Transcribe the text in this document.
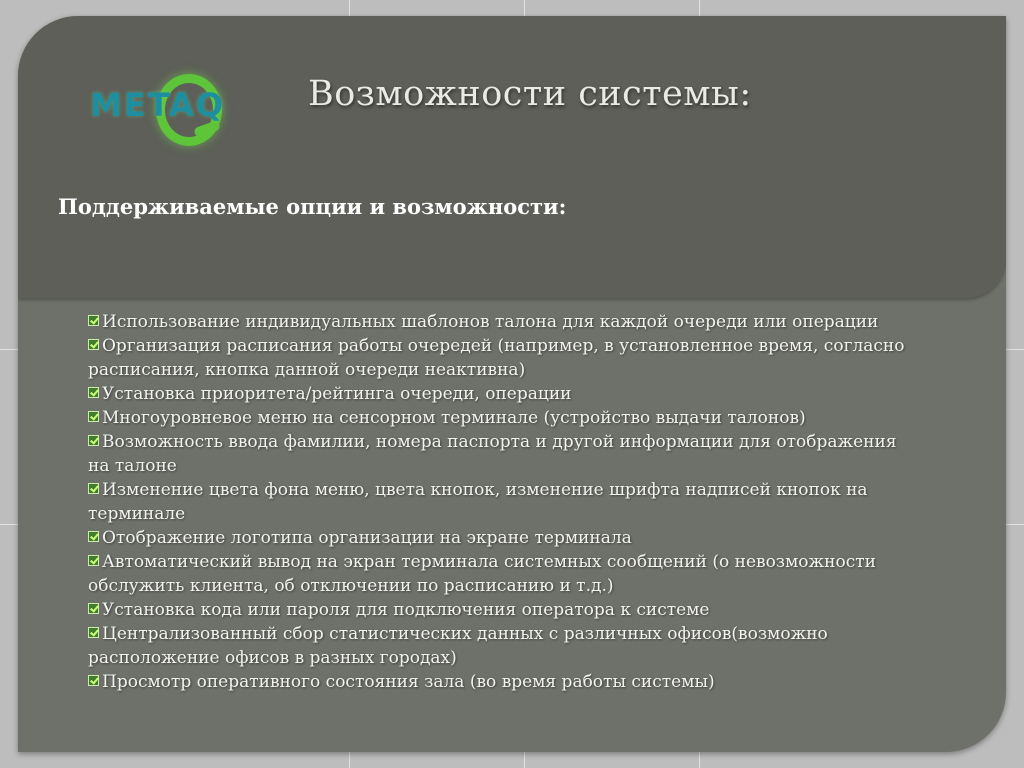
METAQ Возможности системы:
Поддерживаемые опции и возможности:
Использование индивидуальных шаблонов талона для каждой очереди или операции
Организация расписания работы очередей (например, в установленное время, согласно расписания, кнопка данной очереди неактивна)
Установка приоритета/рейтинга очереди, операции
Многоуровневое меню на сенсорном терминале (устройство выдачи талонов)
Возможность ввода фамилии, номера паспорта и другой информации для отображения на талоне
Изменение цвета фона меню, цвета кнопок, изменение шрифта надписей кнопок на терминале
Отображение логотипа организации на экране терминала
Автоматический вывод на экран терминала системных сообщений (о невозможности обслужить клиента, об отключении по расписанию и т.д.)
Установка кода или пароля для подключения оператора к системе
Централизованный сбор статистических данных с различных офисов(возможно расположение офисов в разных городах)
Просмотр оперативного состояния зала (во время работы системы)
